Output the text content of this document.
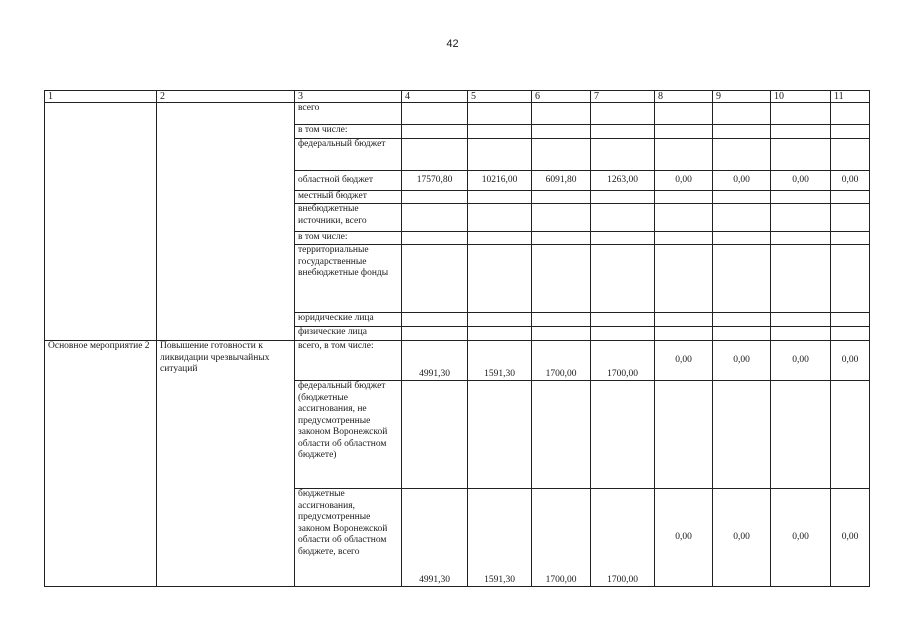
42
1	2	3	4	5	6	7	8	9	10	11
		всего								
		в том числе:								
		федеральный бюджет								
		областной бюджет	17570,80	10216,00	6091,80	1263,00	0,00	0,00	0,00	0,00
		местный бюджет								
		внебюджетные источники, всего								
		в том числе:								
		территориальные государственные внебюджетные фонды								
		юридические лица								
		физические лица								
Основное мероприятие 2	Повышение готовности к ликвидации чрезвычайных ситуаций	всего, в том числе:	4991,30	1591,30	1700,00	1700,00	0,00	0,00	0,00	0,00
		федеральный бюджет (бюджетные ассигнования, не предусмотренные законом Воронежской области об областном бюджете)								
		бюджетные ассигнования, предусмотренные законом Воронежской области об областном бюджете, всего	4991,30	1591,30	1700,00	1700,00	0,00	0,00	0,00	0,00
